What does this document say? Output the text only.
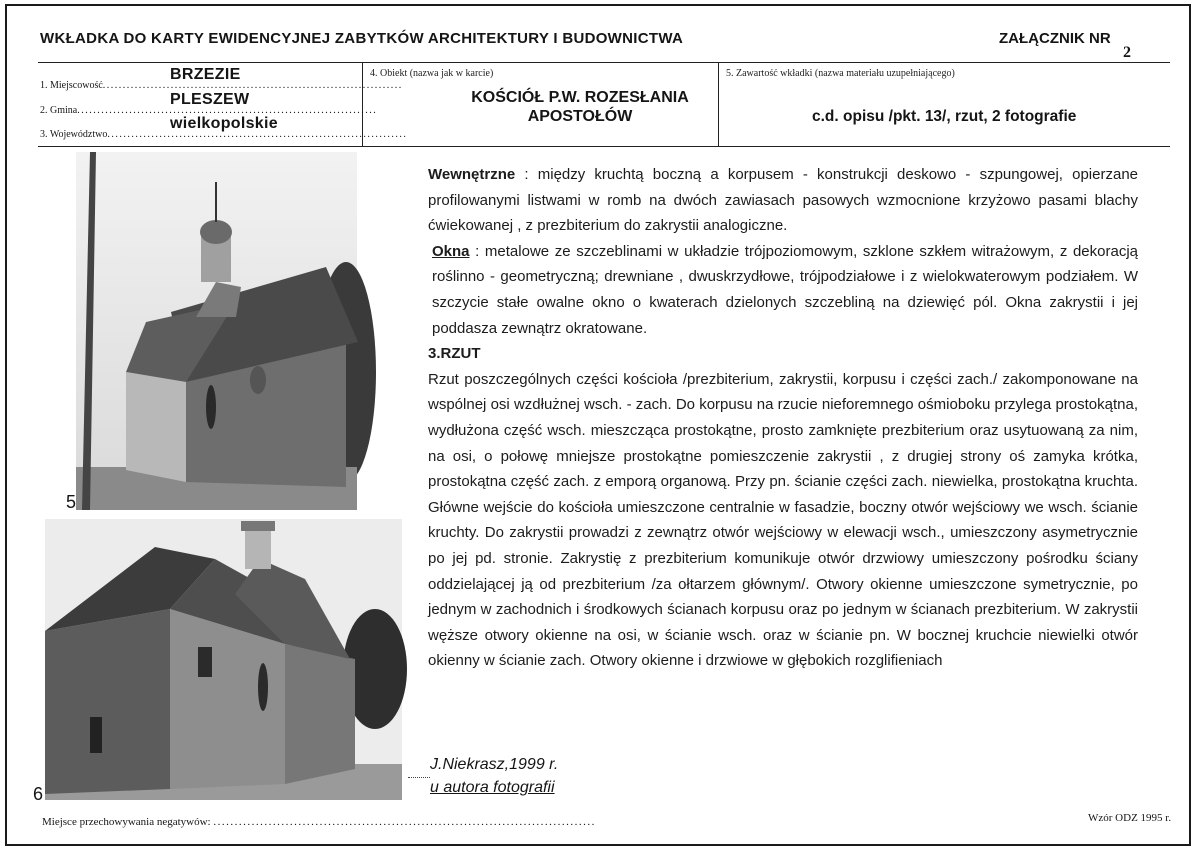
WKŁADKA DO KARTY EWIDENCYJNEJ ZABYTKÓW ARCHITEKTURY I BUDOWNICTWA	ZAŁĄCZNIK NR
2
1. Miejscowość...........................................................................
BRZEZIE
2. Gmina...........................................................................
PLESZEW
3. Województwo...........................................................................
wielkopolskie
4. Obiekt (nazwa jak w karcie)
KOŚCIÓŁ P.W. ROZESŁANIA APOSTOŁÓW
5. Zawartość wkładki (nazwa materiału uzupełniającego)
c.d. opisu /pkt. 13/, rzut, 2 fotografie
5
6

Wewnętrzne : między kruchtą boczną a korpusem - konstrukcji deskowo - szpungowej, opierzane profilowanymi listwami w romb na dwóch zawiasach pasowych wzmocnione krzyżowo pasami blachy ćwiekowanej , z prezbiterium do zakrystii analogiczne.

Okna : metalowe ze szczeblinami w układzie trójpoziomowym, szklone szkłem witrażowym, z dekoracją roślinno - geometryczną; drewniane , dwuskrzydłowe, trójpodziałowe i z wielokwaterowym podziałem. W szczycie stałe owalne okno o kwaterach dzielonych szczebliną na dziewięć pól. Okna zakrystii i jej poddasza zewnątrz okratowane.

3.RZUT

Rzut poszczególnych części kościoła /prezbiterium, zakrystii, korpusu i części zach./ zakomponowane na wspólnej osi wzdłużnej wsch. - zach. Do korpusu na rzucie nieforemnego ośmioboku przylega prostokątna, wydłużona część wsch. mieszcząca prostokątne, prosto zamknięte prezbiterium oraz usytuowaną za nim, na osi, o połowę mniejsze prostokątne pomieszczenie zakrystii , z drugiej strony oś zamyka krótka, prostokątna część zach. z emporą organową. Przy pn. ścianie części zach. niewielka, prostokątna kruchta. Główne wejście do kościoła umieszczone centralnie w fasadzie, boczny otwór wejściowy we wsch. ścianie kruchty. Do zakrystii prowadzi z zewnątrz otwór wejściowy w elewacji wsch., umieszczony asymetrycznie po jej pd. stronie. Zakrystię z prezbiterium komunikuje otwór drzwiowy umieszczony pośrodku ściany oddzielającej ją od prezbiterium /za ołtarzem głównym/. Otwory okienne umieszczone symetrycznie, po jednym w zachodnich i środkowych ścianach korpusu oraz po jednym w ścianach prezbiterium. W zakrystii węższe otwory okienne na osi, w ścianie wsch. oraz w ścianie pn. W bocznej kruchcie niewielki otwór okienny w ścianie zach. Otwory okienne i drzwiowe w głębokich rozglifieniach

J.Niekrasz,1999 r.
u autora fotografii
Miejsce przechowywania negatywów: ..........................................................................................	Wzór ODZ 1995 r.
